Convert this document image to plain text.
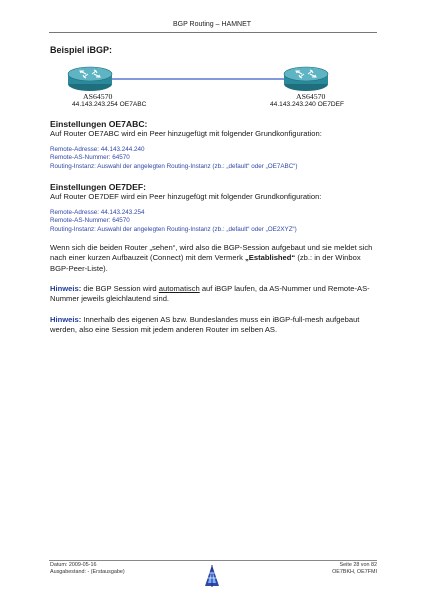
BGP Routing – HAMNET
Beispiel iBGP:
AS64570
44.143.243.254 OE7ABC
AS64570
44.143.243.240 OE7DEF
Einstellungen OE7ABC:
Auf Router OE7ABC wird ein Peer hinzugefügt mit folgender Grundkonfiguration:
Remote-Adresse: 44.143.244.240
Remote-AS-Nummer: 64570
Routing-Instanz: Auswahl der angelegten Routing-Instanz (zb.: „default“ oder „OE7ABC“)
Einstellungen OE7DEF:
Auf Router OE7DEF wird ein Peer hinzugefügt mit folgender Grundkonfiguration:
Remote-Adresse: 44.143.243.254
Remote-AS-Nummer: 64570
Routing-Instanz: Auswahl der angelegten Routing-Instanz (zb.: „default“ oder „OE2XYZ“)
Wenn sich die beiden Router „sehen“, wird also die BGP-Session aufgebaut und sie meldet sich nach einer kurzen Aufbauzeit (Connect) mit dem Vermerk „Established“ (zb.: in der Winbox BGP-Peer-Liste).
Hinweis: die BGP Session wird automatisch auf iBGP laufen, da AS-Nummer und Remote-AS-Nummer jeweils gleichlautend sind.
Hinweis: Innerhalb des eigenen AS bzw. Bundeslandes muss ein iBGP-full-mesh aufgebaut werden, also eine Session mit jedem anderen Router im selben AS.
Datum: 2009-05-16
Ausgabestand: - (Erstausgabe)
Seite 28 von 82
OE7BKH, OE7FMI
